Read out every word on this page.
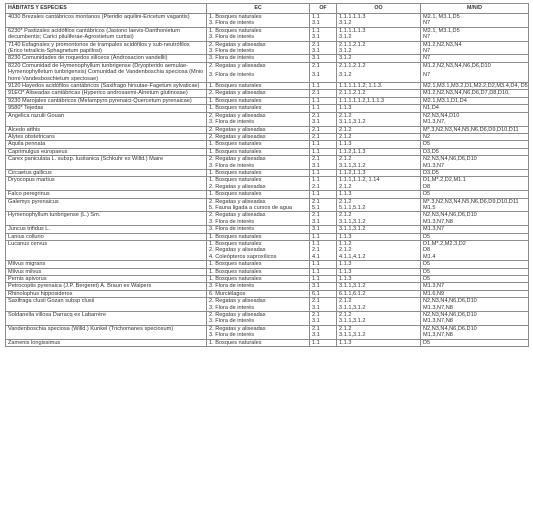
HÁBITATS Y ESPECIES	EC	OF	OO	M/N/D
4030 Brezales cantábricos montanos (Pteridio aquilini-Ericetum vagantis)	1. Bosques naturales	1.1	1.1.1.1.1.3	M2.1, M3.1,D5
	3. Flora de interés	3.1	3.1.2	N7
6230* Pastizales acidófilos cantábricos (Jasiono laevis-Danthonietum decumbentis; Carici piluliferae-Agrostietum curtisii)	1. Bosques naturales	1.1	1.1.1.1.1.3	M2.1, M3.1,D5
	3. Flora de interés	3.1	3.1.2	N7
7140 Esfagnales y promontorios de trampales acidófilos y sub-neutrófilos (Erico tetralicis-Sphagnetum papillosi)	2. Regatas y aliseadas	2.1	2.1.1.2.1.2	M1.2,N2,N3,N4
	3. Flora de interés	3.1	3.1.2	N7
8230 Comunidades de roquedos silíceos (Androsacion vandellii)	3. Flora de interés	3.1	3.1.2	N7
8220 Comunidad de Hymenophyllum tunbrigense (Dryopterido aemulae-Hymenophylletum tunbrigensis) Comunidad de Vandenboschia speciosa (Mnio horni-Vandesboschietum speciosae)	2. Regatas y aliseadas	2.1	2.1.1.2.1.2	M1.2,N2,N3,N4,N6,D6,D10
	3. Flora de interés	3.1	3.1.2	N7
9120 Hayedos acidófilos cantábricos (Saxifrago hirsutae-Fagetum sylvaticae)	1. Bosques naturales	1.1	1.1.1.1.1.2, 1.1.3.	M2.1,M3.1,M3.2,D1,M2.2,D2,M3.4,D4, D5
91EO* Aliseadas cantábricas (Hyperico androsaemi-Alnetum glutinosae)	2. Regatas y aliseadas	2.1	2.1.1.2.1.2	M1.2,N2,N3,N4,N6,D6,D7,D8,D10,
9230 Marojales cantábricos (Melampyro pyrenaici-Quercetum pyrenaicae)	1. Bosques naturales	1.1	1.1.1.1.1.2,1.1.1.3	M2.1,M3.1,D1,D4
9580* Tejedas	1. Bosques naturales	1.1	1.1.3	N1,D4
Angelica razulii Gouan	2. Regatas y aliseadas	2.1	2.1.2	N2,N3,N4,D10
	3. Flora de interés	3.1	3.1.1,3.1.2	M1.3,N7,
Alcedo atthis	2. Regatas y aliseadas	2.1	2.1.2	M*.3,N2,N3,N4,N5,N6,D6,D9,D10,D11
Alytes obstetricans	2. Regatas y aliseadas	2.1	2.1.2	N2
Aquila pennata	1. Bosques naturales	1.1	1.1.3	D5
Caprimulgus europaeus	1. Bosques naturales	1.1	1.1.2,1.1.3	D3,D5
Carex paniculata L. subsp. lusitanica (Schkuhr ex Willd.) Maire	2. Regatas y aliseadas	2.1	2.1.2	N2,N3,N4,N6,D6,D10
	3. Flora de interés	3.1	3.1.1,3.1.2	M1.3,N7
Circaetus gallicus	1. Bosques naturales	1.1	1.1.2,1.1.3	D3,D5
Dryocopus martius	1. Bosques naturales	1.1	1.1.1,1.1.2, 1.14	D1,M*.2,D2,M1.1
	2. Regatas y aliseadas	2.1	2.1.2	D8
Falco peregrinus	1. Bosques naturales	1.1	1.1.3	D5
Galemys pyrenaicus	2. Regatas y aliseadas	2.1	2.1.2	M*.3,N2,N3,N4,N5,N6,D6,D9,D10,D11
	5. Fauna ligada a cursos de agua	5.1	5.1.1,5.1.2	M1.5
Hymenophyllum tunbrigense (L.) Sm.	2. Regatas y aliseadas	2.1	2.1.2	N2,N3,N4,N6,D6,D10
	3. Flora de interés	3.1	3.1.1,3.1.2	M1.3,N7,N8
Juncus trifidus L.	3. Flora de interés	3.1	3.1.1,3.1.2	M1.3,N7
Lanius collurio	1. Bosques naturales	1.1	1.1.3	D5
Lucanus cervus	1. Bosques naturales	1.1	1.1.2	D1,M*.2,M2.3,D2
	2. Regatas y aliseadas	2.1	2.1.2	D8
	4. Coleópteros saproxílicos	4.1	4.1.1,4.1.2	M1.4
Milvus migrans	1. Bosques naturales	1.1	1.1.3	D5
Milvus milvus	1. Bosques naturales	1.1	1.1.3	D5
Pernis apivorus	1. Bosques naturales	1.1	1.1.3	D5
Petrocoptis pyrenaica (J.P. Bergeret) A. Braun ex Walpers	3. Flora de interés	3.1	3.1.1,3.1.2	M1.3,N7
Rhinolophus hipposideros	6. Murciélagos	6.1	6.1.1,6.1.2	M1.6,N9
Saxifraga clusii Gozan subsp clusii	2. Regatas y aliseadas	2.1	2.1.2	N2,N3,N4,N6,D6,D10
	3. Flora de interés	3.1	3.1.1,3.1.2	M1.3,N7,N8
Soldanella villosa Darracq ex Labarrère	2. Regatas y aliseadas	2.1	2.1.2	N2,N3,N4,N6,D6,D10
	3. Flora de interés	3.1	3.1.1,3.1.2	M1.3,N7,N8
Vandenboschia speciosa (Willd.) Kunkel (Trichomanes speciosum)	2. Regatas y aliseadas	2.1	2.1.2	N2,N3,N4,N6,D6,D10
	3. Flora de interés	3.1	3.1.1,3.1.2	M1.3,N7,N8
Zamenis longissimus	1. Bosques naturales	1.1	1.1.3	D5
